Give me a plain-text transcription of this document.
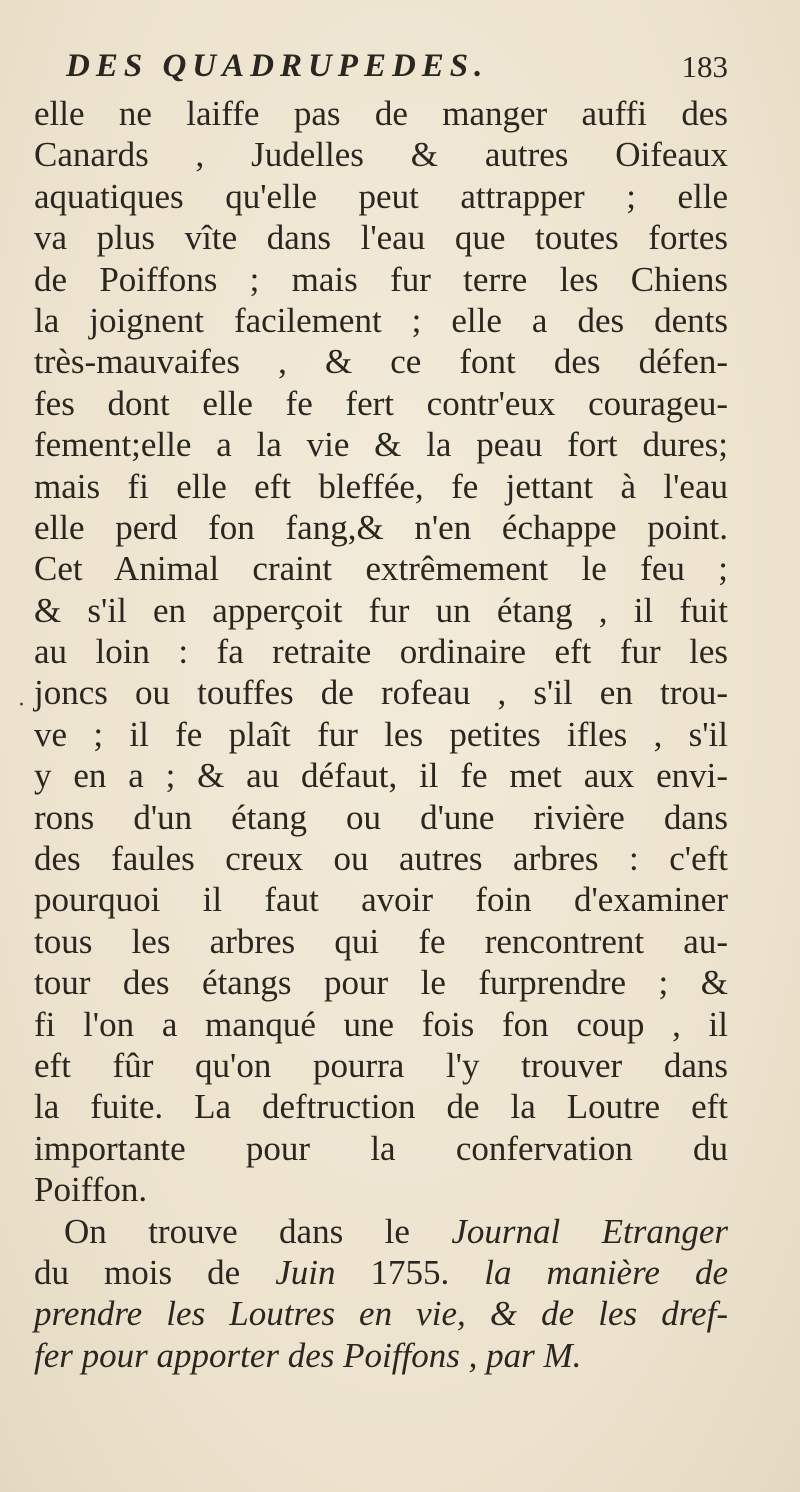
DES QUADRUPEDES.	183
·
elle ne laiffe pas de manger auffi des
Canards , Judelles & autres Oifeaux
aquatiques qu'elle peut attrapper ; elle
va plus vîte dans l'eau que toutes fortes
de Poiffons ; mais fur terre les Chiens
la joignent facilement ; elle a des dents
très-mauvaifes , & ce font des défen-
fes dont elle fe fert contr'eux courageu-
fement;elle a la vie & la peau fort dures;
mais fi elle eft bleffée, fe jettant à l'eau
elle perd fon fang,& n'en échappe point.
Cet Animal craint extrêmement le feu ;
& s'il en apperçoit fur un étang , il fuit
au loin : fa retraite ordinaire eft fur les
joncs ou touffes de rofeau , s'il en trou-
ve ; il fe plaît fur les petites ifles , s'il
y en a ; & au défaut, il fe met aux envi-
rons d'un étang ou d'une rivière dans
des faules creux ou autres arbres : c'eft
pourquoi il faut avoir foin d'examiner
tous les arbres qui fe rencontrent au-
tour des étangs pour le furprendre ; &
fi l'on a manqué une fois fon coup , il
eft fûr qu'on pourra l'y trouver dans
la fuite. La deftruction de la Loutre eft
importante pour la confervation du
Poiffon.
On trouve dans le Journal Etranger
du mois de Juin 1755. la manière de
prendre les Loutres en vie, & de les dref-
fer pour apporter des Poiffons , par M.
